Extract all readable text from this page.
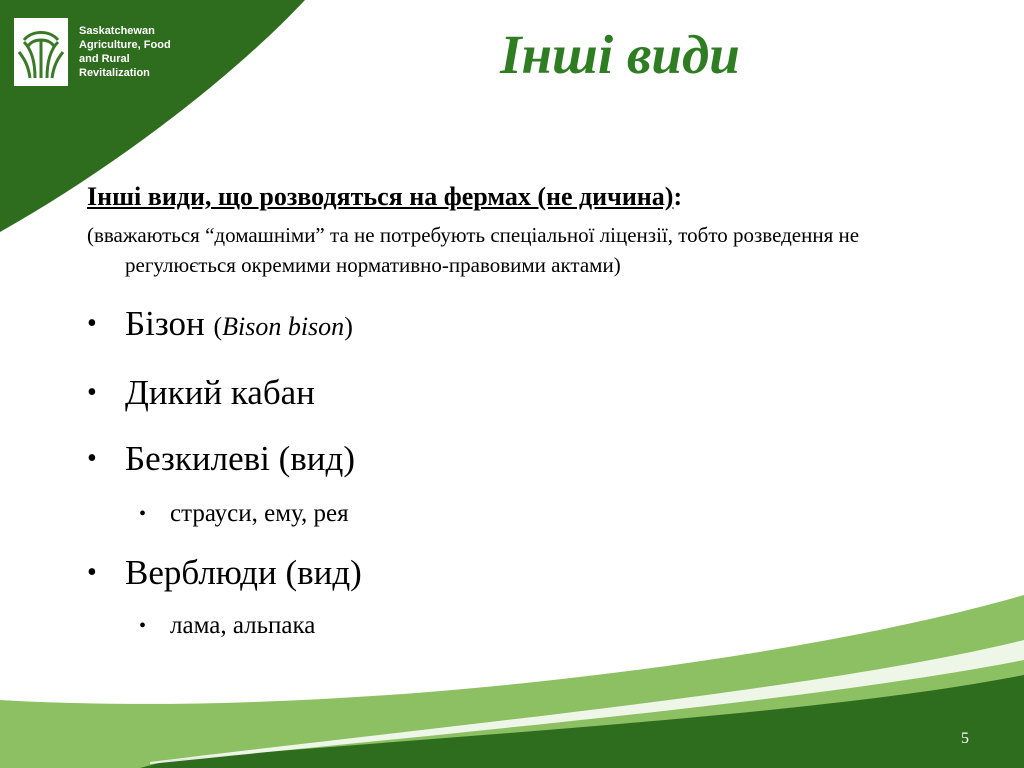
Saskatchewan
Agriculture, Food
and Rural
Revitalization	Інші види

Інші види, що розводяться на фермах (не дичина):

(вважаються “домашніми” та не потребують спеціальної ліцензії, тобто розведення не регулюється окремими нормативно-правовими актами)

• Бізон (Bison bison)

• Дикий кабан

• Безкилеві (вид)

• страуси, ему, рея

• Верблюди (вид)

• лама, альпака

5
